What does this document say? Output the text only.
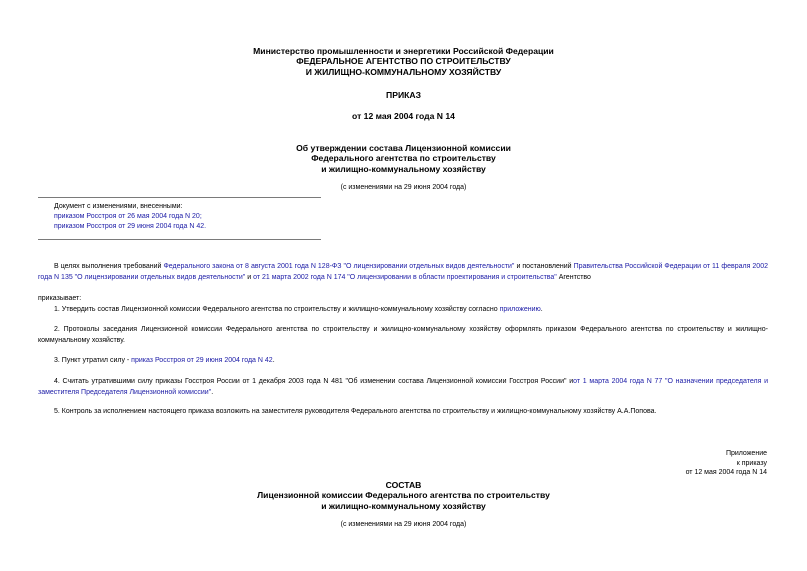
Министерство промышленности и энергетики Российской Федерации
ФЕДЕРАЛЬНОЕ АГЕНТСТВО ПО СТРОИТЕЛЬСТВУ
И ЖИЛИЩНО-КОММУНАЛЬНОМУ ХОЗЯЙСТВУ
ПРИКАЗ
от 12 мая 2004 года N 14
Об утверждении состава Лицензионной комиссии
Федерального агентства по строительству
и жилищно-коммунальному хозяйству
(с изменениями на 29 июня 2004 года)
Документ с изменениями, внесенными:
приказом Росстроя от 26 мая 2004 года N 20;
приказом Росстроя от 29 июня 2004 года N 42.
В целях выполнения требований Федерального закона от 8 августа 2001 года N 128-ФЗ "О лицензировании отдельных видов деятельности" и постановлений Правительства Российской Федерации от 11 февраля 2002 года N 135 "О лицензировании отдельных видов деятельности" и от 21 марта 2002 года N 174 "О лицензировании в области проектирования и строительства" Агентство
приказывает:
1. Утвердить состав Лицензионной комиссии Федерального агентства по строительству и жилищно-коммунальному хозяйству согласно приложению.
2. Протоколы заседания Лицензионной комиссии Федерального агентства по строительству и жилищно-коммунальному хозяйству оформлять приказом Федерального агентства по строительству и жилищно-коммунальному хозяйству.
3. Пункт утратил силу - приказ Росстроя от 29 июня 2004 года N 42.
4. Считать утратившими силу приказы Госстроя России от 1 декабря 2003 года N 481 "Об изменении состава Лицензионной комиссии Госстроя России" иот 1 марта 2004 года N 77 "О назначении председателя и заместителя Председателя Лицензионной комиссии".
5. Контроль за исполнением настоящего приказа возложить на заместителя руководителя Федерального агентства по строительству и жилищно-коммунальному хозяйству А.А.Попова.
Приложение
к приказу
от 12 мая 2004 года N 14
СОСТАВ
Лицензионной комиссии Федерального агентства по строительству
и жилищно-коммунальному хозяйству
(с изменениями на 29 июня 2004 года)
